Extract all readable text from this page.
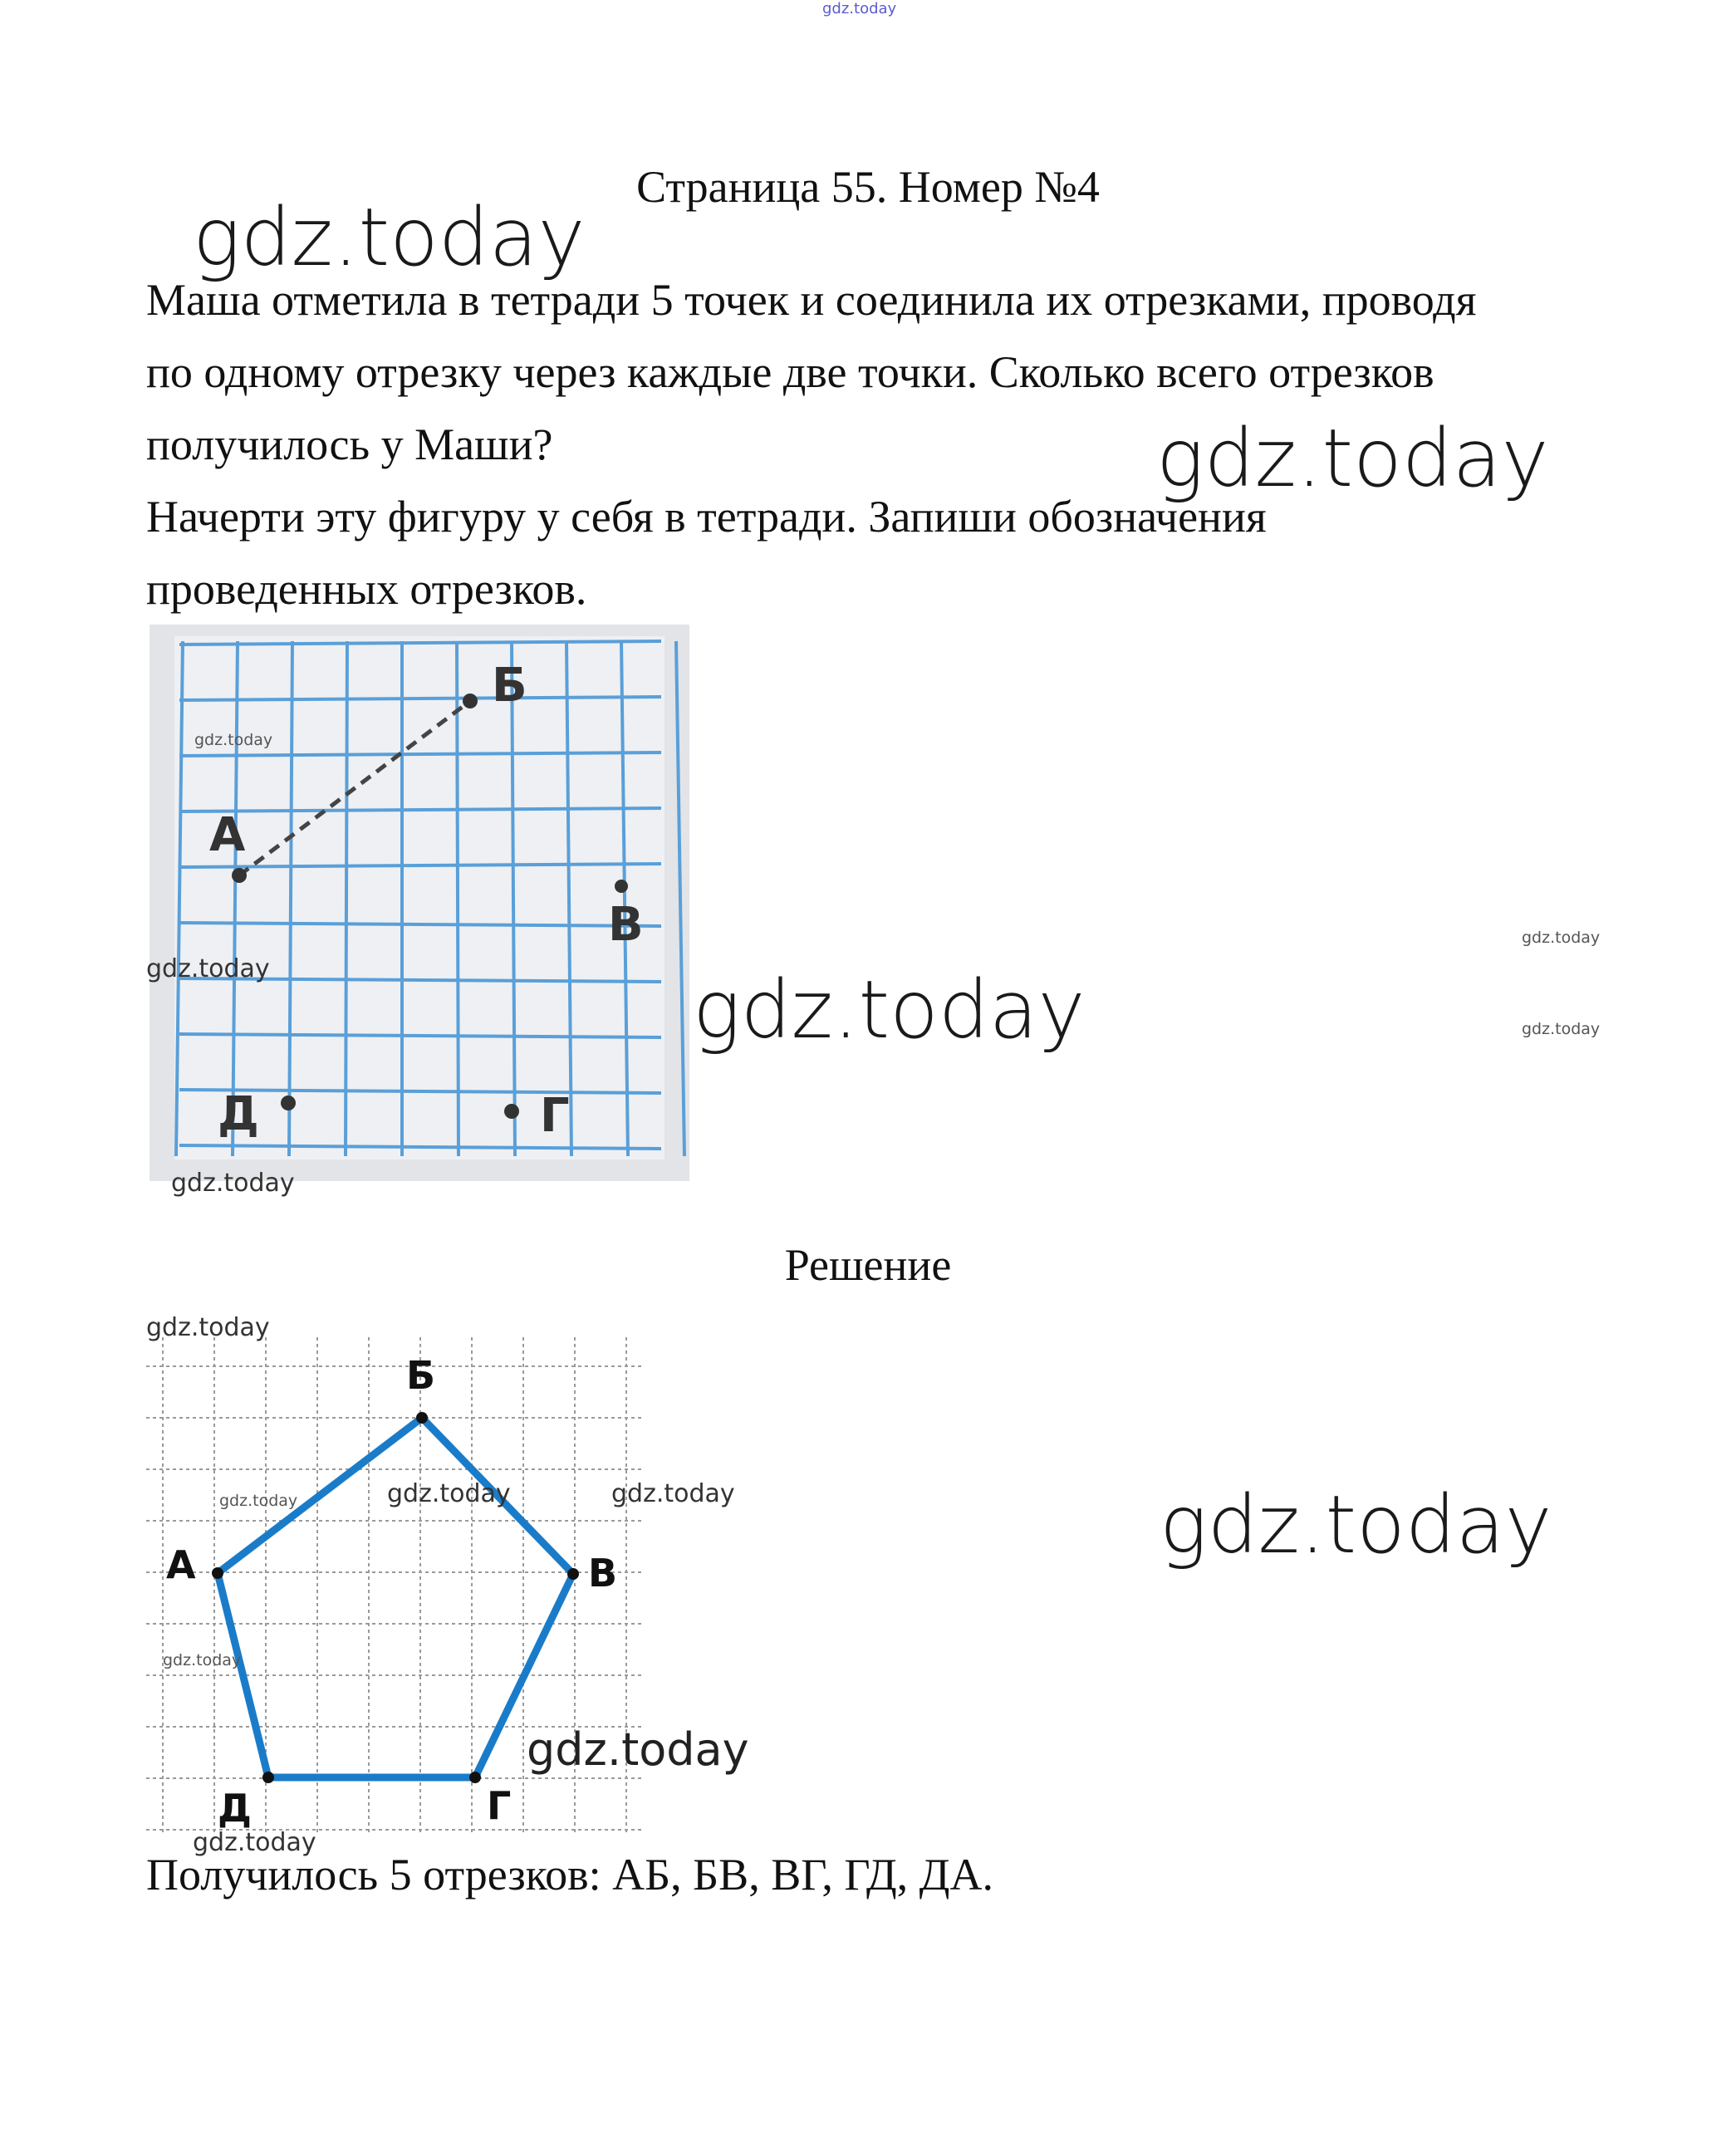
gdz.today
Страница 55. Номер №4

Маша отметила в тетради 5 точек и соединила их отрезками, проводя

по одному отрезку через каждые две точки. Сколько всего отрезков

получилось у Маши?

Начерти эту фигуру у себя в тетради. Запиши обозначения

проведенных отрезков.

А
Б
В
Г
Д
Решение
Б
А	В
Г
Д
Получилось 5 отрезков: АБ, БВ, ВГ, ГД, ДА.
gdz.today
gdz.today
gdz.today
gdz.today
gdz.today
gdz.today
gdz.today
gdz.today
gdz.today
gdz.today
gdz.today	gdz.today	gdz.today
gdz.today
gdz.today
gdz.today
